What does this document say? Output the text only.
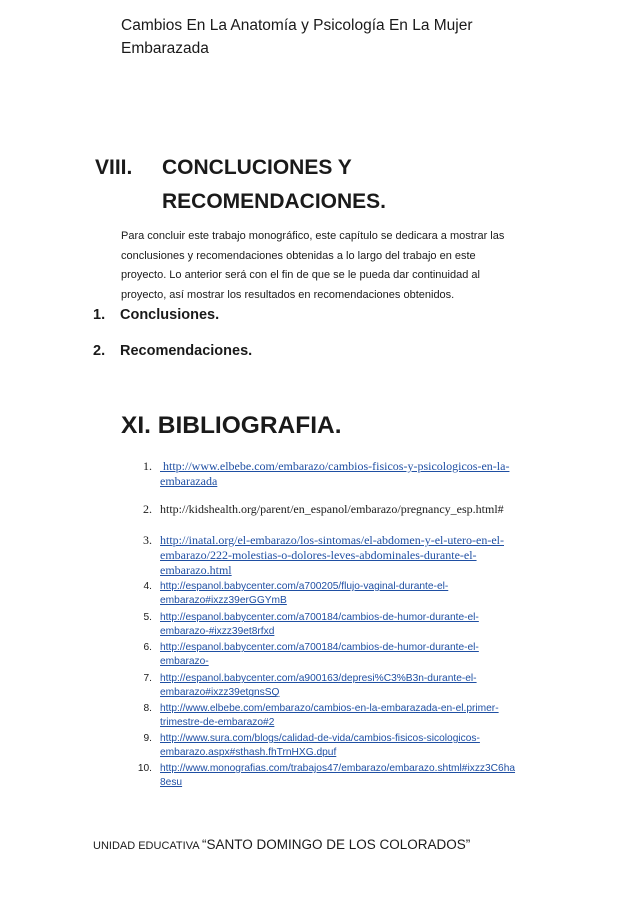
Cambios En La Anatomía y Psicología En La Mujer
Embarazada
VIII. CONCLUCIONES Y
RECOMENDACIONES.
Para concluir este trabajo monográfico, este capítulo se dedicara a mostrar las
conclusiones y recomendaciones obtenidas a lo largo del trabajo en este
proyecto. Lo anterior será con el fin de que se le pueda dar continuidad al
proyecto, así mostrar los resultados en recomendaciones obtenidos.
1.	Conclusiones.
2.	Recomendaciones.
XI. BIBLIOGRAFIA.
1. http://www.elbebe.com/embarazo/cambios-fisicos-y-psicologicos-en-la-
embarazada
2. http://kidshealth.org/parent/en_espanol/embarazo/pregnancy_esp.html#
3. http://inatal.org/el-embarazo/los-sintomas/el-abdomen-y-el-utero-en-el-
embarazo/222-molestias-o-dolores-leves-abdominales-durante-el-
embarazo.html
4. http://espanol.babycenter.com/a700205/flujo-vaginal-durante-el-
embarazo#ixzz39erGGYmB
5. http://espanol.babycenter.com/a700184/cambios-de-humor-durante-el-
embarazo-#ixzz39et8rfxd
6. http://espanol.babycenter.com/a700184/cambios-de-humor-durante-el-
embarazo-
7. http://espanol.babycenter.com/a900163/depresi%C3%B3n-durante-el-
embarazo#ixzz39etgnsSQ
8. http://www.elbebe.com/embarazo/cambios-en-la-embarazada-en-el.primer-
trimestre-de-embarazo#2
9. http://www.sura.com/blogs/calidad-de-vida/cambios-fisicos-sicologicos-
embarazo.aspx#sthash.fhTrnHXG.dpuf
10. http://www.monografias.com/trabajos47/embarazo/embarazo.shtml#ixzz3C6ha
8esu
UNIDAD EDUCATIVA “SANTO DOMINGO DE LOS COLORADOS”
